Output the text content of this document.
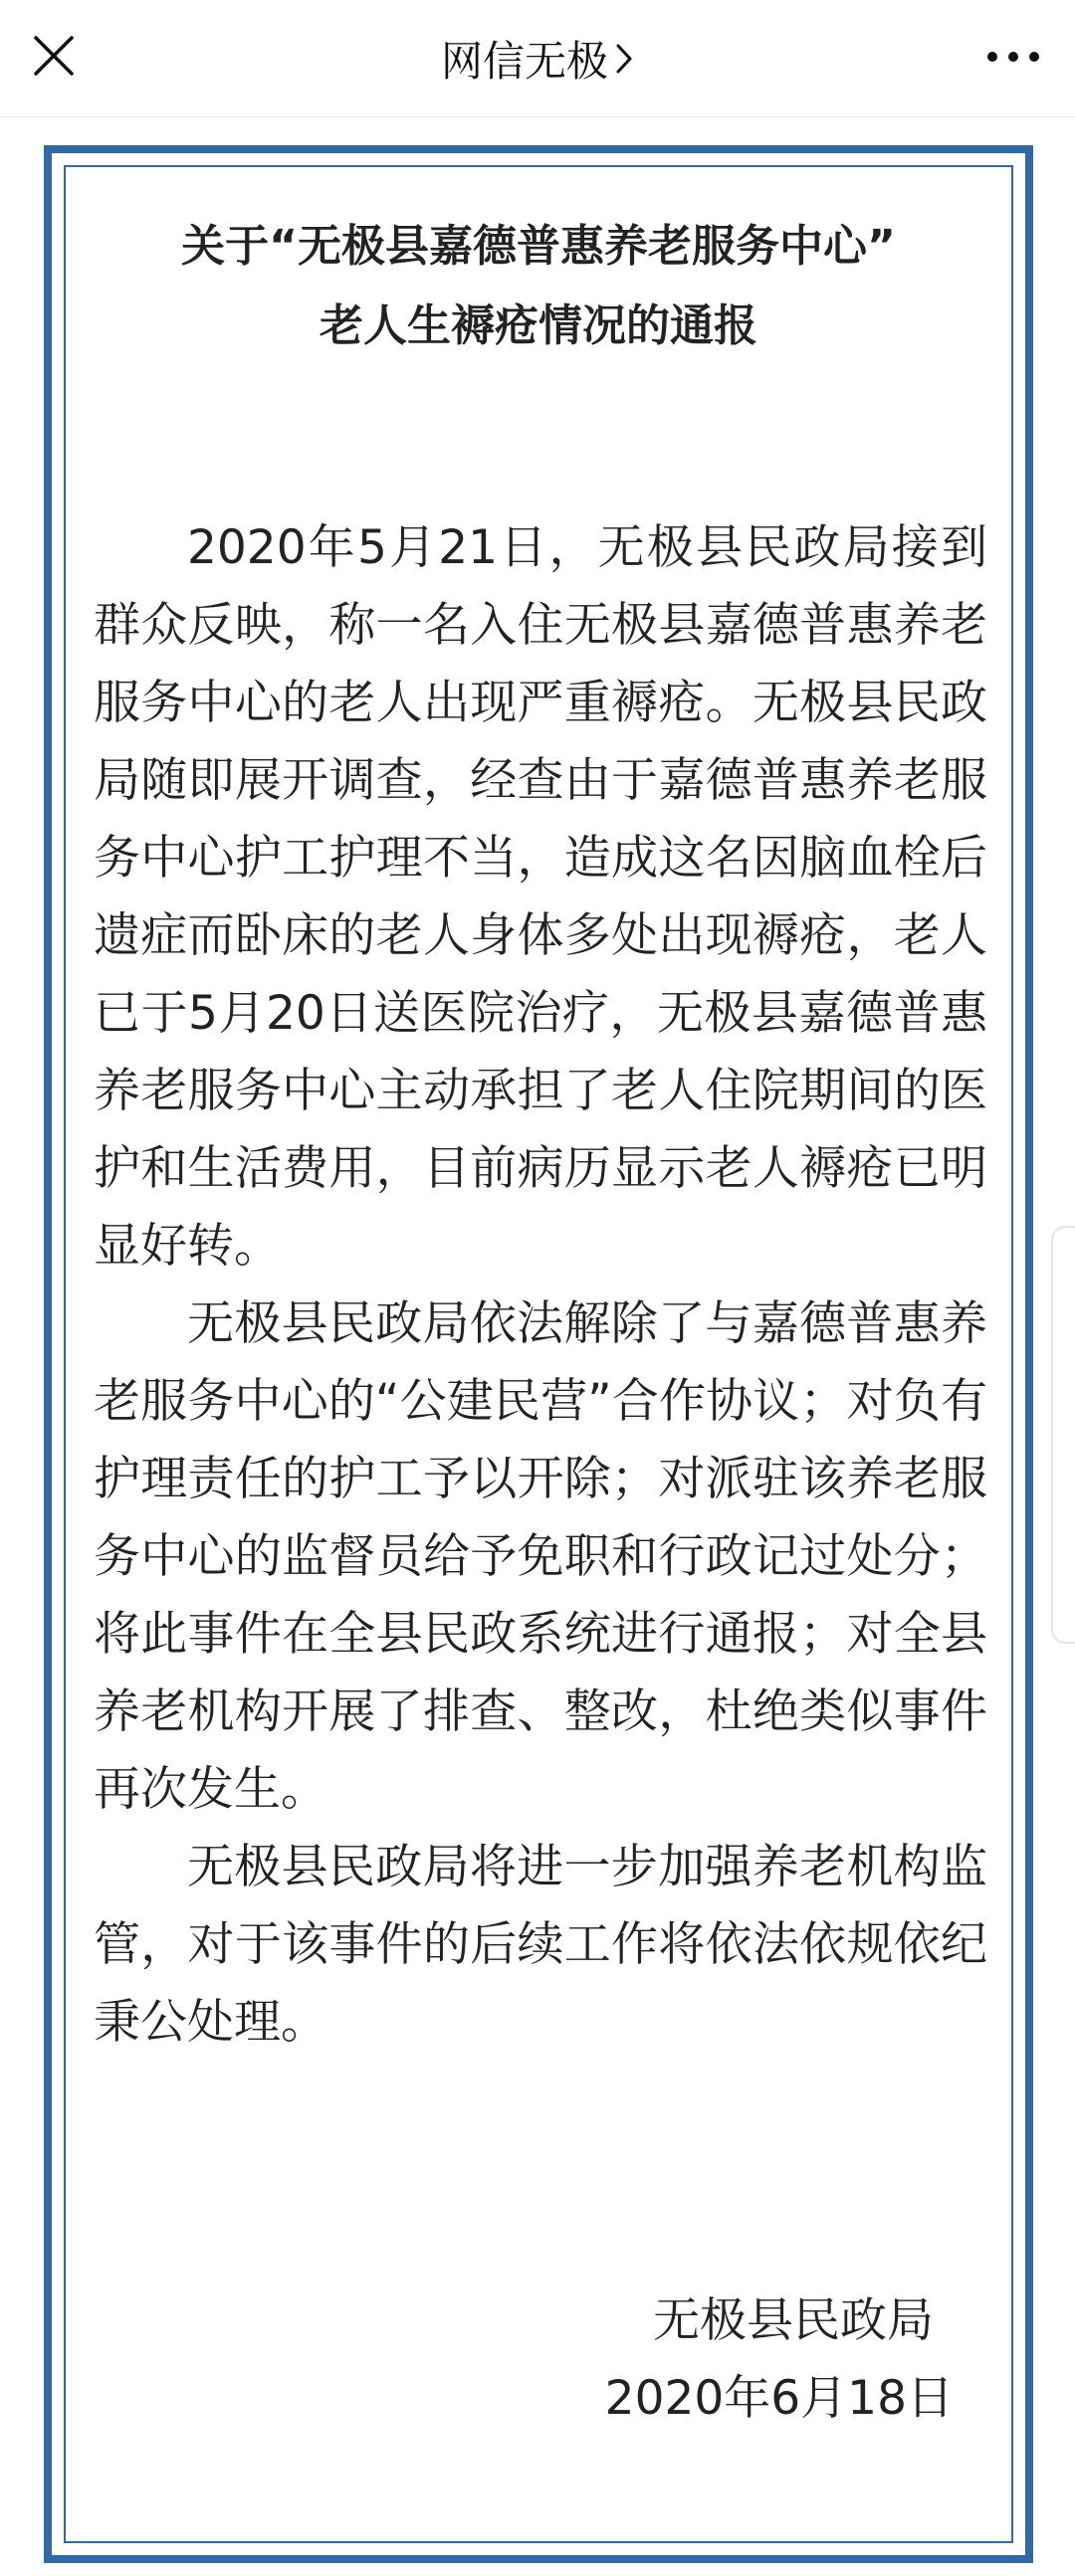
网信无极
关于“无极县嘉德普惠养老服务中心”
老人生褥疮情况的通报

2020年5月21日，无极县民政局接到群众反映，称一名入住无极县嘉德普惠养老服务中心的老人出现严重褥疮。无极县民政局随即展开调查，经查由于嘉德普惠养老服务中心护工护理不当，造成这名因脑血栓后遗症而卧床的老人身体多处出现褥疮，老人已于5月20日送医院治疗，无极县嘉德普惠养老服务中心主动承担了老人住院期间的医护和生活费用，目前病历显示老人褥疮已明显好转。

无极县民政局依法解除了与嘉德普惠养老服务中心的“公建民营”合作协议；对负有护理责任的护工予以开除；对派驻该养老服务中心的监督员给予免职和行政记过处分；将此事件在全县民政系统进行通报；对全县养老机构开展了排查、整改，杜绝类似事件再次发生。

无极县民政局将进一步加强养老机构监管，对于该事件的后续工作将依法依规依纪秉公处理。

无极县民政局
2020年6月18日
